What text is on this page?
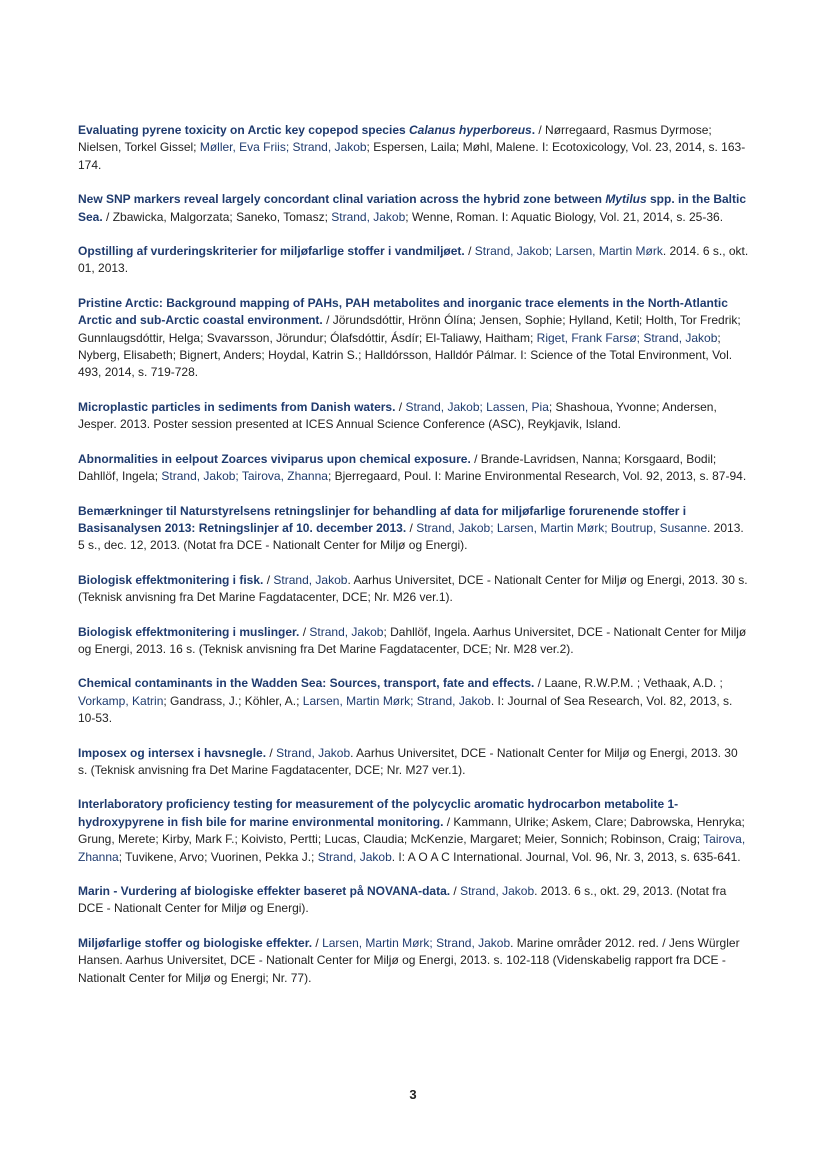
Evaluating pyrene toxicity on Arctic key copepod species Calanus hyperboreus. / Nørregaard, Rasmus Dyrmose; Nielsen, Torkel Gissel; Møller, Eva Friis; Strand, Jakob; Espersen, Laila; Møhl, Malene. I: Ecotoxicology, Vol. 23, 2014, s. 163-174.

New SNP markers reveal largely concordant clinal variation across the hybrid zone between Mytilus spp. in the Baltic Sea. / Zbawicka, Malgorzata; Saneko, Tomasz; Strand, Jakob; Wenne, Roman. I: Aquatic Biology, Vol. 21, 2014, s. 25-36.

Opstilling af vurderingskriterier for miljøfarlige stoffer i vandmiljøet. / Strand, Jakob; Larsen, Martin Mørk. 2014. 6 s., okt. 01, 2013.

Pristine Arctic: Background mapping of PAHs, PAH metabolites and inorganic trace elements in the North-Atlantic Arctic and sub-Arctic coastal environment. / Jörundsdóttir, Hrönn Ólína; Jensen, Sophie; Hylland, Ketil; Holth, Tor Fredrik; Gunnlaugsdóttir, Helga; Svavarsson, Jörundur; Ólafsdóttir, Ásdír; El-Taliawy, Haitham; Riget, Frank Farsø; Strand, Jakob; Nyberg, Elisabeth; Bignert, Anders; Hoydal, Katrin S.; Halldórsson, Halldór Pálmar. I: Science of the Total Environment, Vol. 493, 2014, s. 719-728.

Microplastic particles in sediments from Danish waters. / Strand, Jakob; Lassen, Pia; Shashoua, Yvonne; Andersen, Jesper. 2013. Poster session presented at ICES Annual Science Conference (ASC), Reykjavik, Island.

Abnormalities in eelpout Zoarces viviparus upon chemical exposure. / Brande-Lavridsen, Nanna; Korsgaard, Bodil; Dahllöf, Ingela; Strand, Jakob; Tairova, Zhanna; Bjerregaard, Poul. I: Marine Environmental Research, Vol. 92, 2013, s. 87-94.

Bemærkninger til Naturstyrelsens retningslinjer for behandling af data for miljøfarlige forurenende stoffer i Basisanalysen 2013: Retningslinjer af 10. december 2013. / Strand, Jakob; Larsen, Martin Mørk; Boutrup, Susanne. 2013. 5 s., dec. 12, 2013. (Notat fra DCE - Nationalt Center for Miljø og Energi).

Biologisk effektmonitering i fisk. / Strand, Jakob. Aarhus Universitet, DCE - Nationalt Center for Miljø og Energi, 2013. 30 s. (Teknisk anvisning fra Det Marine Fagdatacenter, DCE; Nr. M26 ver.1).

Biologisk effektmonitering i muslinger. / Strand, Jakob; Dahllöf, Ingela. Aarhus Universitet, DCE - Nationalt Center for Miljø og Energi, 2013. 16 s. (Teknisk anvisning fra Det Marine Fagdatacenter, DCE; Nr. M28 ver.2).

Chemical contaminants in the Wadden Sea: Sources, transport, fate and effects. / Laane, R.W.P.M. ; Vethaak, A.D. ; Vorkamp, Katrin; Gandrass, J.; Köhler, A.; Larsen, Martin Mørk; Strand, Jakob. I: Journal of Sea Research, Vol. 82, 2013, s. 10-53.

Imposex og intersex i havsnegle. / Strand, Jakob. Aarhus Universitet, DCE - Nationalt Center for Miljø og Energi, 2013. 30 s. (Teknisk anvisning fra Det Marine Fagdatacenter, DCE; Nr. M27 ver.1).

Interlaboratory proficiency testing for measurement of the polycyclic aromatic hydrocarbon metabolite 1-hydroxypyrene in fish bile for marine environmental monitoring. / Kammann, Ulrike; Askem, Clare; Dabrowska, Henryka; Grung, Merete; Kirby, Mark F.; Koivisto, Pertti; Lucas, Claudia; McKenzie, Margaret; Meier, Sonnich; Robinson, Craig; Tairova, Zhanna; Tuvikene, Arvo; Vuorinen, Pekka J.; Strand, Jakob. I: A O A C International. Journal, Vol. 96, Nr. 3, 2013, s. 635-641.

Marin - Vurdering af biologiske effekter baseret på NOVANA-data. / Strand, Jakob. 2013. 6 s., okt. 29, 2013. (Notat fra DCE - Nationalt Center for Miljø og Energi).

Miljøfarlige stoffer og biologiske effekter. / Larsen, Martin Mørk; Strand, Jakob. Marine områder 2012. red. / Jens Würgler Hansen. Aarhus Universitet, DCE - Nationalt Center for Miljø og Energi, 2013. s. 102-118 (Videnskabelig rapport fra DCE - Nationalt Center for Miljø og Energi; Nr. 77).

3
